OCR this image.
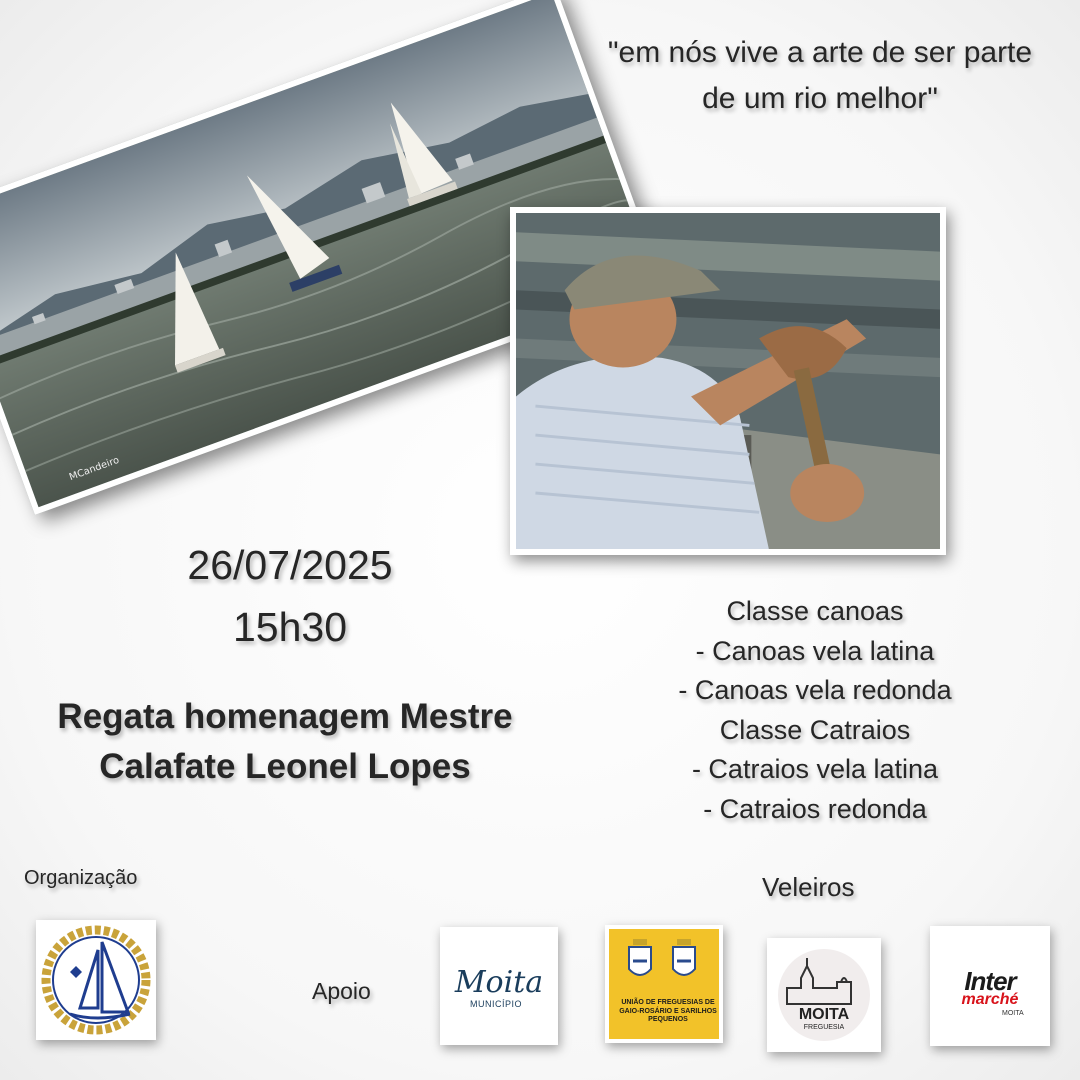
MCandeiro
"em nós vive a arte de ser parte
de um rio melhor"
26/07/2025
15h30
Regata homenagem Mestre
Calafate Leonel Lopes
Classe canoas
- Canoas vela latina
- Canoas vela redonda
Classe Catraios
- Catraios vela latina
- Catraios redonda
Organização	Veleiros
Apoio	Moita
MUNICÍPIO	UNIÃO DE FREGUESIAS DE GAIO-ROSÁRIO E SARILHOS PEQUENOS	MOITA
FREGUESIA
Inter
marché
MOITA
